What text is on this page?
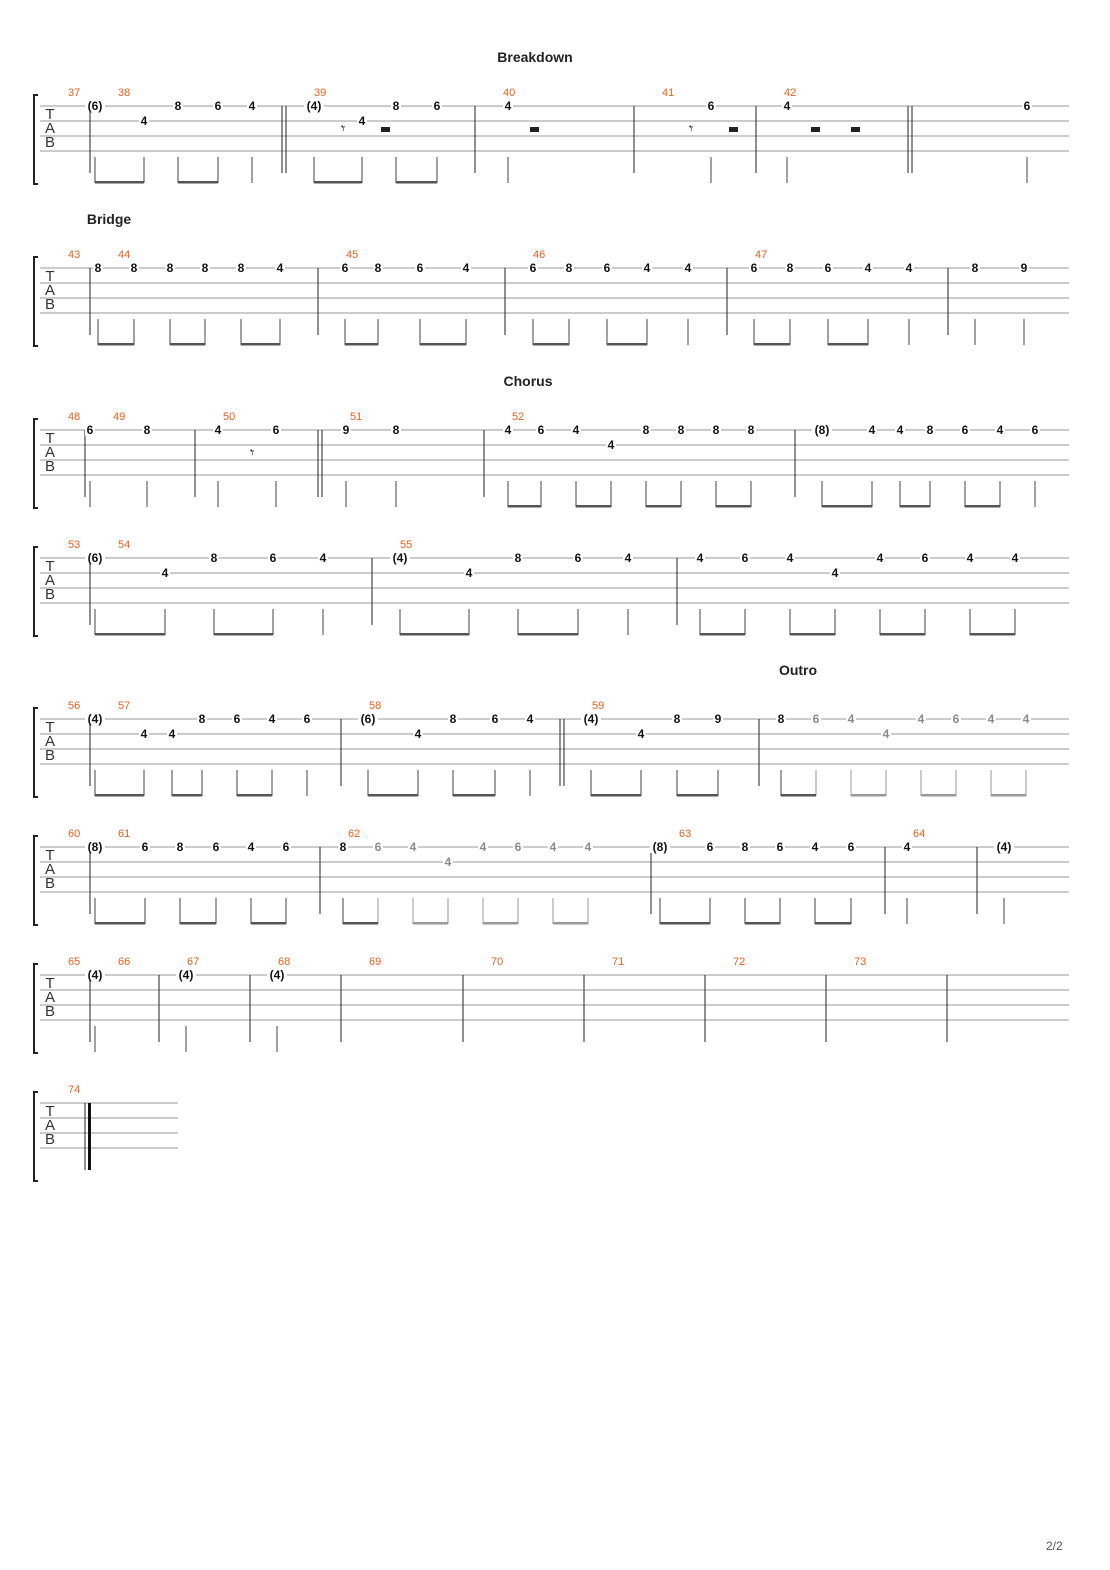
Breakdown
Bridge
Chorus
Outro
T
A
B
37
(6)
4
8	6 4
38
(4)
4
8	6
39
4
𝄾
40
6
41
4
𝄾
42
6
T
A
B
43
8 8 8 8 8	4
44
6 8	6	4
45
6 8	6	4	4
46
6 8	6	4	4
47
8	9
T
A
B
48
6	8
49
4	6
50
9	8
𝄾
51
4 6 4
4
8 8 8 8
52
(8)	4 4 8 6 4 6
T
A
B
53
(6)
4
8	6	4
54
(4)
4
8	6	4
55
4	6	4
4
4	6	4	4
T
A
B
56
(4)
4 4
8 6 4 6
57
(6)
4
8	6 4
58
(4)
4
8	9
59
8 6 4
4
4 6 4 4
T
A
B
60
(8)	6 8 6 4 6
61
8 6 4
4
4 6 4 4
62
(8)	6 8 6 4 6
63
4
64
(4)
T
A
B
65
(4)
66
(4)
67
(4)
68	69	70	71	72	73
T
A
B
74
2/2
